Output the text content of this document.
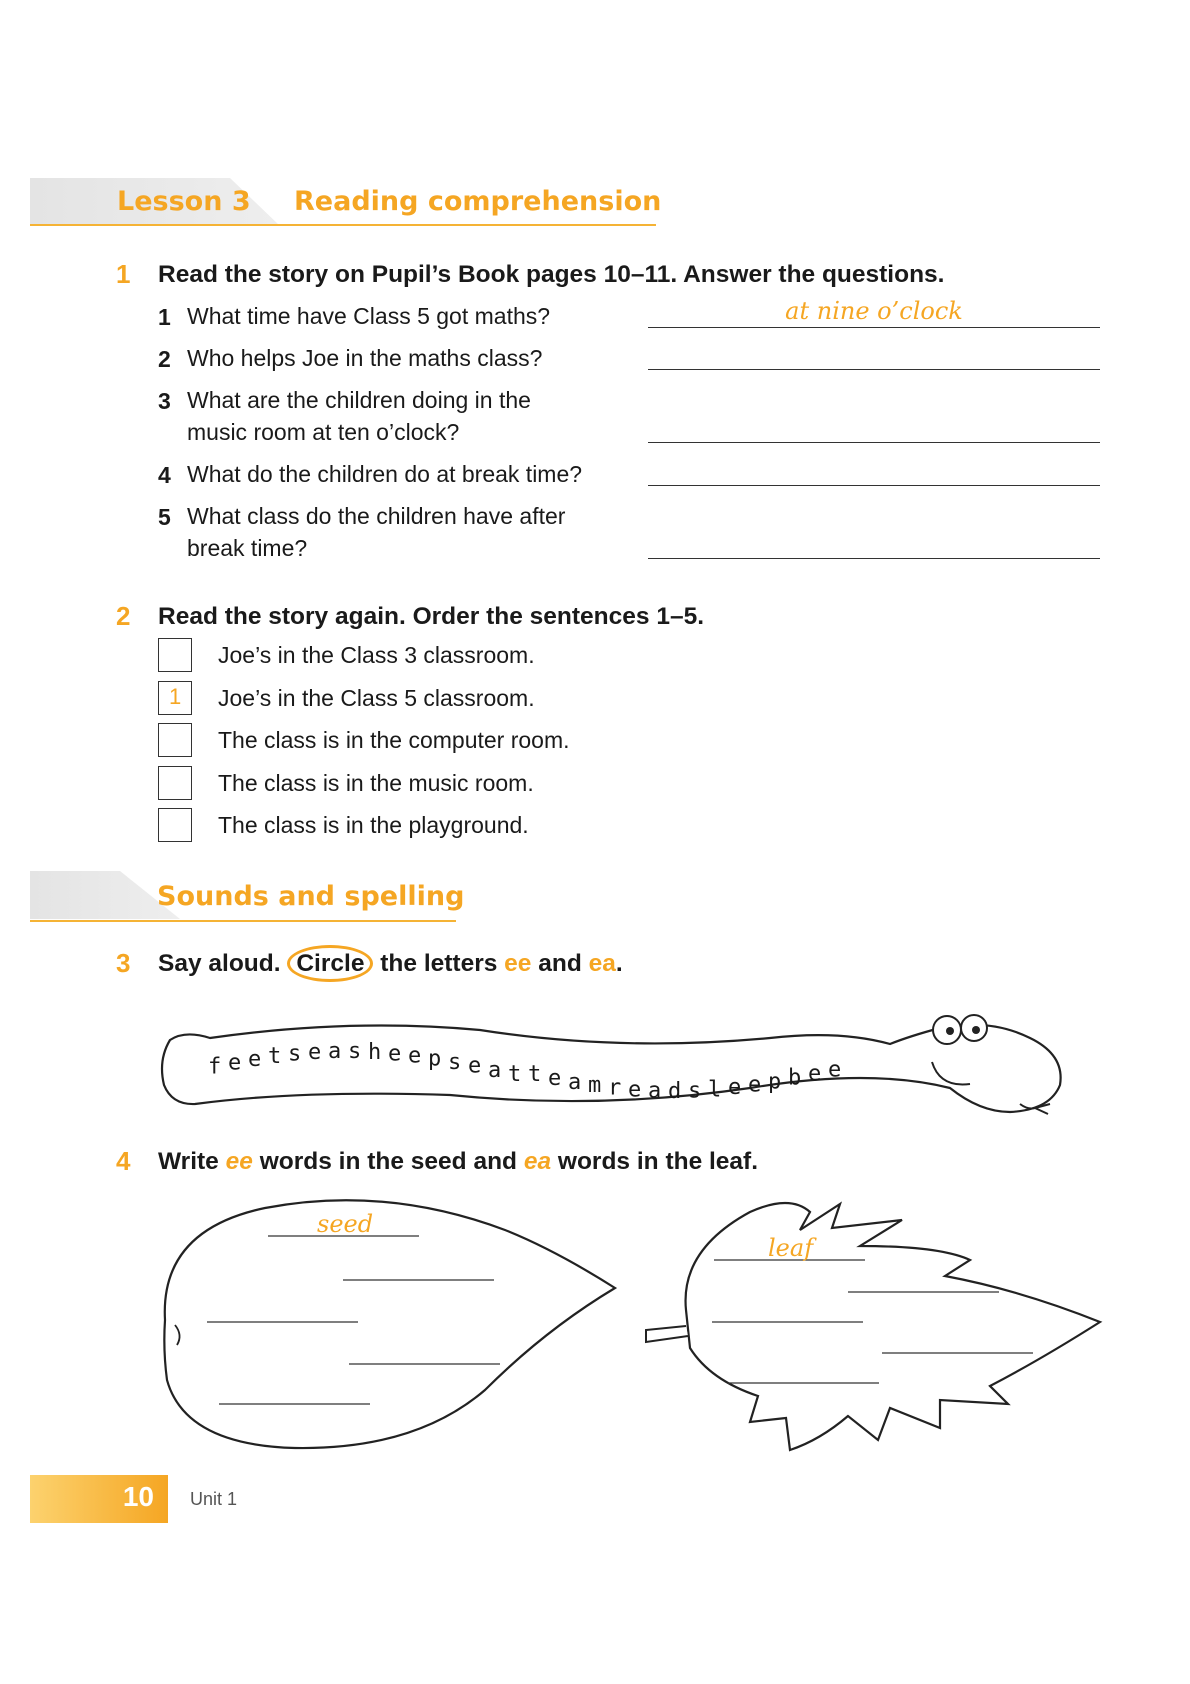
Lesson 3 Reading comprehension
1 Read the story on Pupil’s Book pages 10–11. Answer the questions.
1 What time have Class 5 got maths?	at nine o’clock
2 Who helps Joe in the maths class?
3 What are the children doing in the
music room at ten o’clock?
4 What do the children do at break time?
5 What class do the children have after
break time?
2 Read the story again. Order the sentences 1–5.
Joe’s in the Class 3 classroom.
1 Joe’s in the Class 5 classroom.
The class is in the computer room.
The class is in the music room.
The class is in the playground.
Sounds and spelling
3 Say aloud. Circle the letters ee and ea.
f e e t s e a s h e e p s e a t t e a m r e a d s l e e p b e e
4 Write ee words in the seed and ea words in the leaf.
seed
leaf
10 Unit 1
